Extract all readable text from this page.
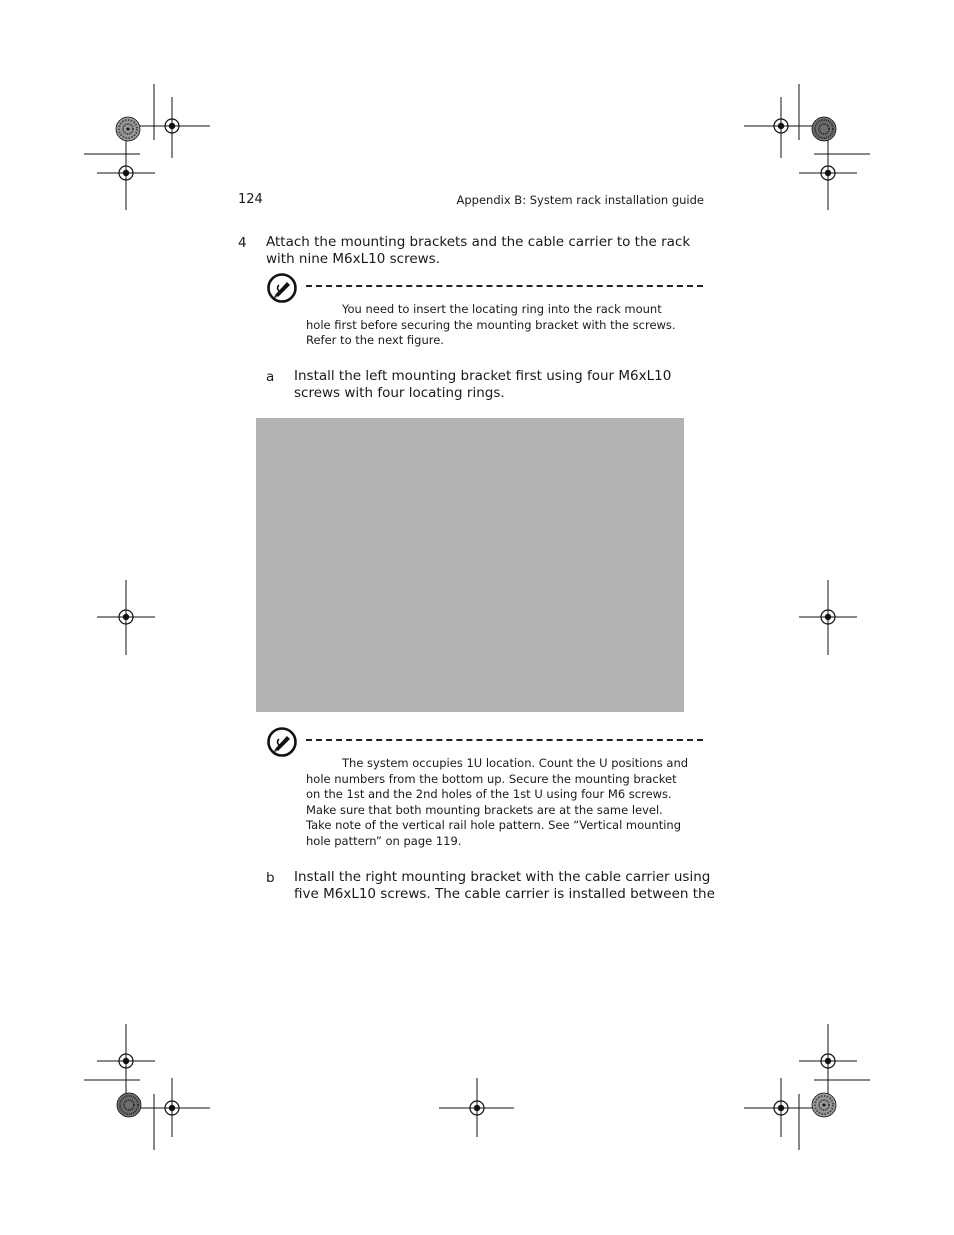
124	Appendix B: System rack installation guide
4 Attach the mounting brackets and the cable carrier to the rack
with nine M6xL10 screws.
You need to insert the locating ring into the rack mount
hole first before securing the mounting bracket with the screws.
Refer to the next figure.
a Install the left mounting bracket first using four M6xL10
screws with four locating rings.
The system occupies 1U location. Count the U positions and
hole numbers from the bottom up. Secure the mounting bracket
on the 1st and the 2nd holes of the 1st U using four M6 screws.
Make sure that both mounting brackets are at the same level.
Take note of the vertical rail hole pattern. See “Vertical mounting
hole pattern” on page 119.
b Install the right mounting bracket with the cable carrier using
five M6xL10 screws. The cable carrier is installed between the
